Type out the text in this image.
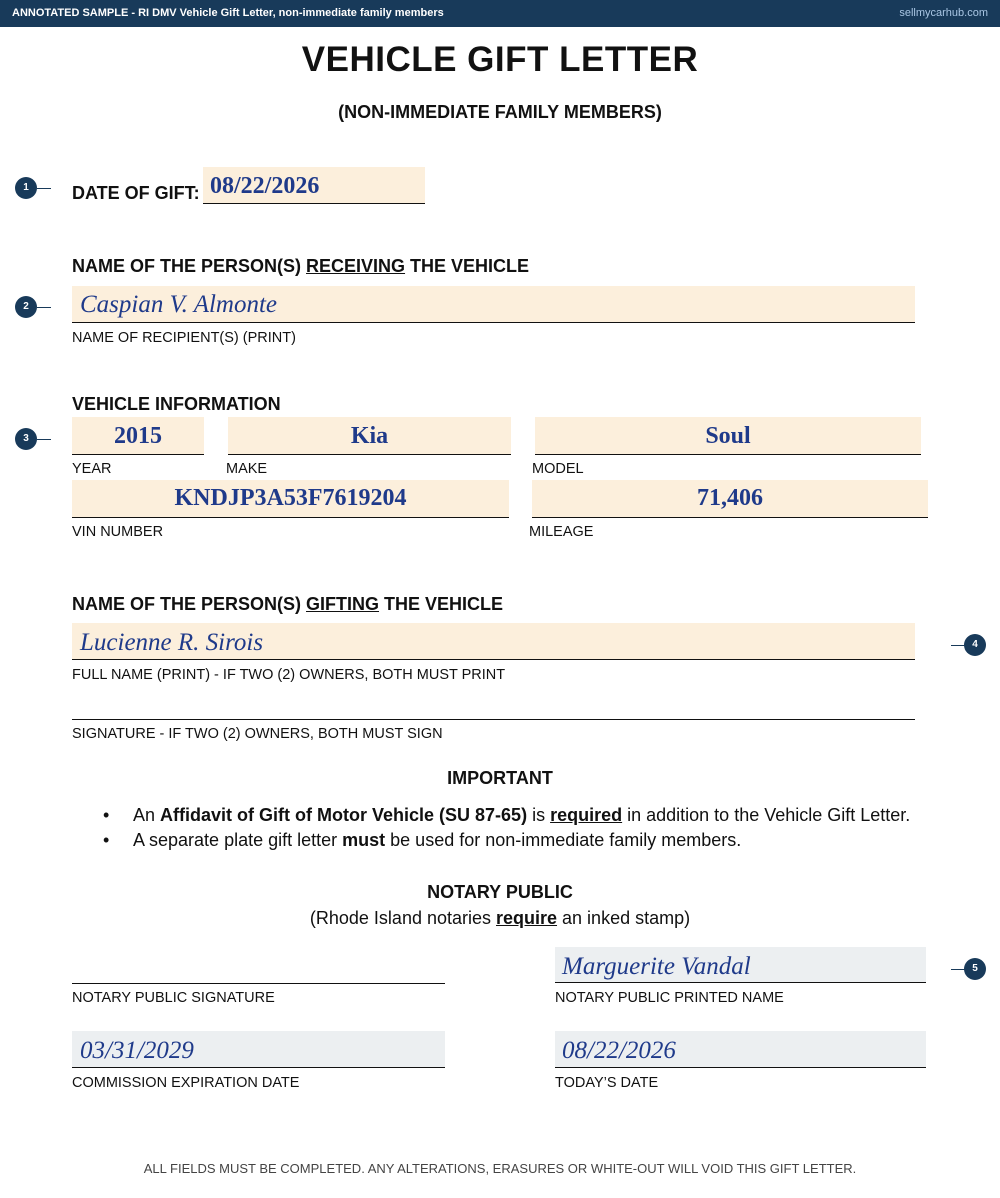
ANNOTATED SAMPLE - RI DMV Vehicle Gift Letter, non-immediate family members	sellmycarhub.com
VEHICLE GIFT LETTER
(NON-IMMEDIATE FAMILY MEMBERS)
1
2
3
4
5
DATE OF GIFT: 08/22/2026
NAME OF THE PERSON(S) RECEIVING THE VEHICLE
Caspian V. Almonte
NAME OF RECIPIENT(S) (PRINT)
VEHICLE INFORMATION
2015
YEAR
Kia
MAKE
Soul
MODEL
KNDJP3A53F7619204
VIN NUMBER
71,406
MILEAGE
NAME OF THE PERSON(S) GIFTING THE VEHICLE
Lucienne R. Sirois
FULL NAME (PRINT) - IF TWO (2) OWNERS, BOTH MUST PRINT
SIGNATURE - IF TWO (2) OWNERS, BOTH MUST SIGN
IMPORTANT
• An Affidavit of Gift of Motor Vehicle (SU 87-65) is required in addition to the Vehicle Gift Letter.
• A separate plate gift letter must be used for non-immediate family members.
NOTARY PUBLIC
(Rhode Island notaries require an inked stamp)
NOTARY PUBLIC SIGNATURE
Marguerite Vandal
NOTARY PUBLIC PRINTED NAME
03/31/2029
COMMISSION EXPIRATION DATE
08/22/2026
TODAY’S DATE
ALL FIELDS MUST BE COMPLETED. ANY ALTERATIONS, ERASURES OR WHITE-OUT WILL VOID THIS GIFT LETTER.
